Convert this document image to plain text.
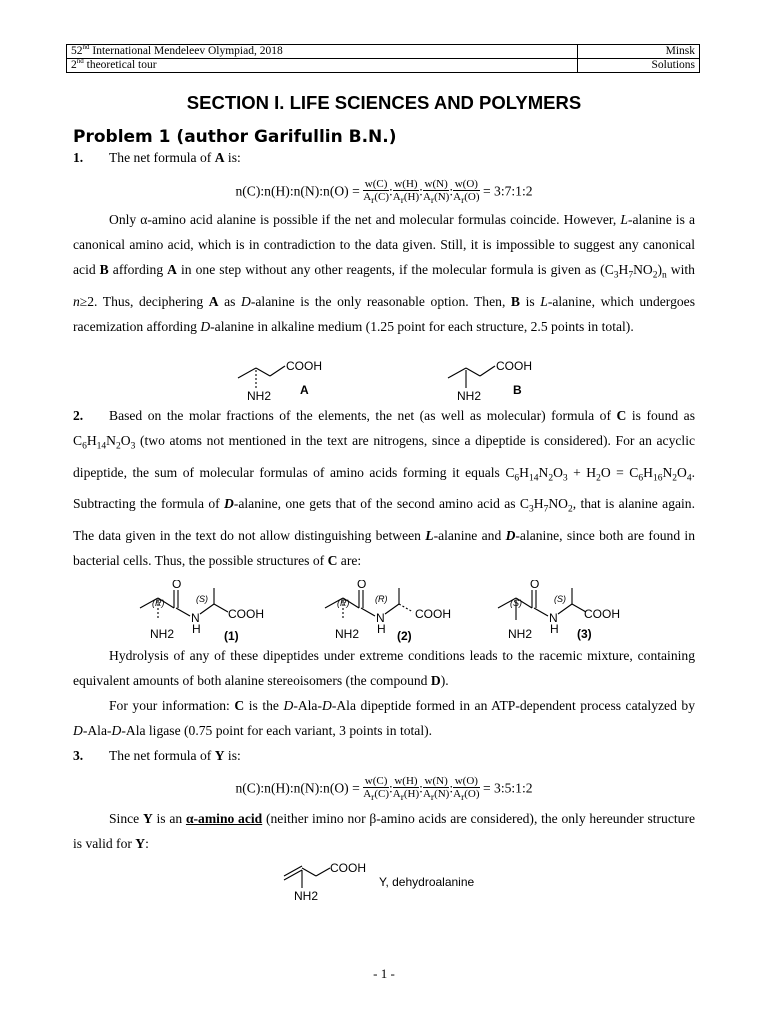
52nd International Mendeleev Olympiad, 2018	Minsk
2nd theoretical tour	Solutions
SECTION I. LIFE SCIENCES AND POLYMERS
Problem 1 (author Garifullin B.N.)

1. The net formula of A is:

n(C):n(H):n(N):n(O) = $\frac{w(C)}{A_r(C)}$ : $\frac{w(H)}{A_r(H)}$ : $\frac{w(N)}{A_r(N)}$ : $\frac{w(O)}{A_r(O)}$ = 3:7:1:2

Only α-amino acid alanine is possible if the net and molecular formulas coincide. However, L-alanine is a canonical amino acid, which is in contradiction to the data given. Still, it is impossible to suggest any canonical acid B affording A in one step without any other reagents, if the molecular formula is given as $(C_3H_7NO_2)_n$ with n≥2. Thus, deciphering A as D-alanine is the only reasonable option. Then, B is L-alanine, which undergoes racemization affording D-alanine in alkaline medium (1.25 point for each structure, 2.5 points in total).

COOH
NH2 A
COOH
NH2	B

2. Based on the molar fractions of the elements, the net (as well as molecular) formula of C is found as $C_6H_{14}N_2O_3$ (two atoms not mentioned in the text are nitrogens, since a dipeptide is considered). For an acyclic dipeptide, the sum of molecular formulas of amino acids forming it equals $C_6H_{14}N_2O_3 + H_2O = C_6H_{16}N_2O_4$. Subtracting the formula of D-alanine, one gets that of the second amino acid as $C_3H_7NO_2$, that is alanine again. The data given in the text do not allow distinguishing between L-alanine and D-alanine, since both are found in bacterial cells. Thus, the possible structures of C are:

O
N
H
COOH
NH2
(R)	(S)
(1)
O
N
H
COOH
NH2
(R)	(R)
(2)
O
N
H
COOH
NH2
(S)	(S)
(3)

Hydrolysis of any of these dipeptides under extreme conditions leads to the racemic mixture, containing equivalent amounts of both alanine stereoisomers (the compound D).

For your information: C is the D-Ala-D-Ala dipeptide formed in an ATP-dependent process catalyzed by D-Ala-D-Ala ligase (0.75 point for each variant, 3 points in total).

3. The net formula of Y is:

n(C):n(H):n(N):n(O) = $\frac{w(C)}{A_r(C)}$ : $\frac{w(H)}{A_r(H)}$ : $\frac{w(N)}{A_r(N)}$ : $\frac{w(O)}{A_r(O)}$ = 3:5:1:2

Since Y is an α-amino acid (neither imino nor β-amino acids are considered), the only hereunder structure is valid for Y:

COOH
NH2
Y, dehydroalanine
- 1 -
